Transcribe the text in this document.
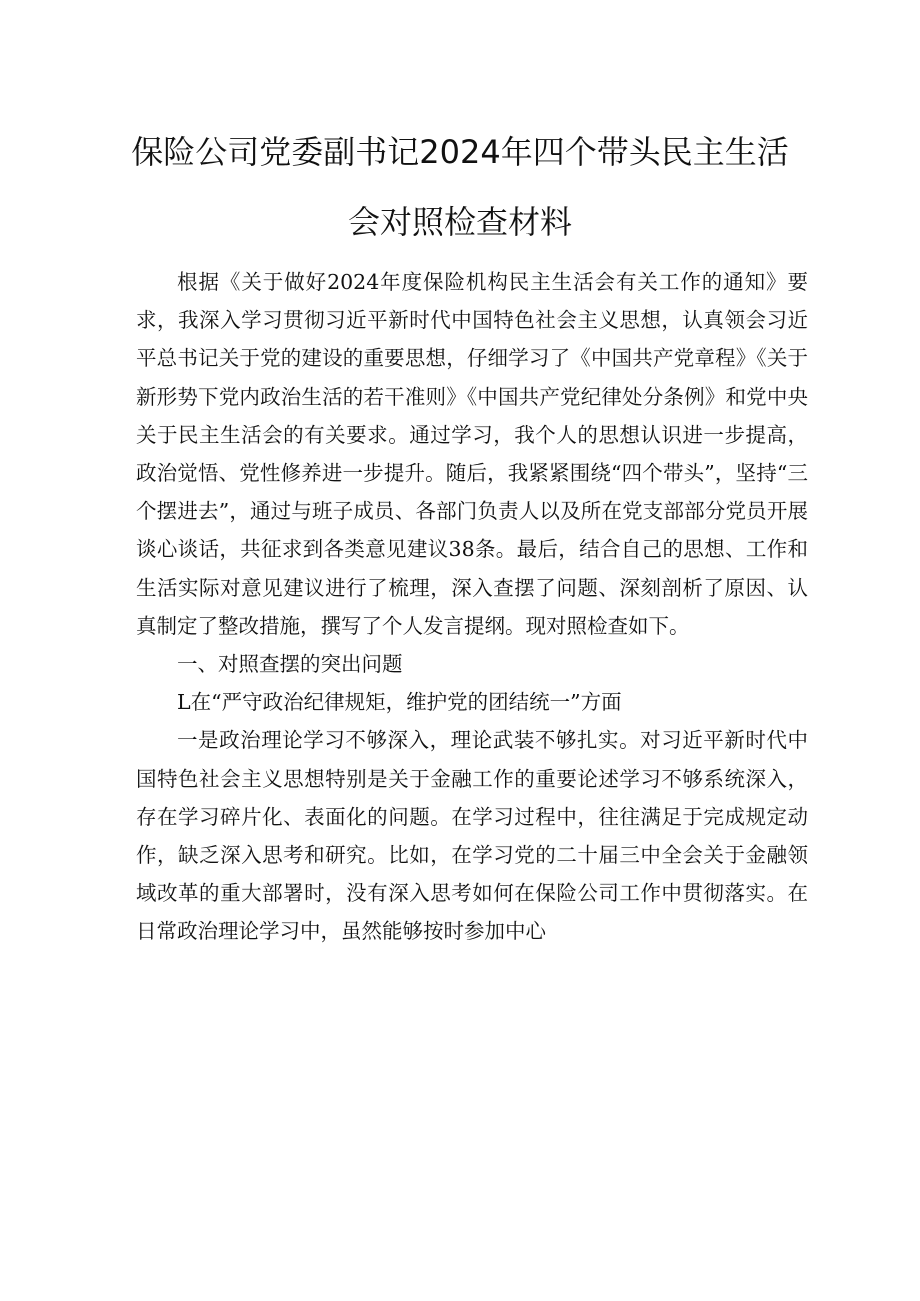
保险公司党委副书记2024年四个带头民主生活
会对照检查材料

根据《关于做好2024年度保险机构民主生活会有关工作的通知》要求，我深入学习贯彻习近平新时代中国特色社会主义思想，认真领会习近平总书记关于党的建设的重要思想，仔细学习了《中国共产党章程》《关于新形势下党内政治生活的若干准则》《中国共产党纪律处分条例》和党中央关于民主生活会的有关要求。通过学习，我个人的思想认识进一步提高，政治觉悟、党性修养进一步提升。随后，我紧紧围绕“四个带头”，坚持“三个摆进去”，通过与班子成员、各部门负责人以及所在党支部部分党员开展谈心谈话，共征求到各类意见建议38条。最后，结合自己的思想、工作和生活实际对意见建议进行了梳理，深入查摆了问题、深刻剖析了原因、认真制定了整改措施，撰写了个人发言提纲。现对照检查如下。

一、对照查摆的突出问题

L在“严守政治纪律规矩，维护党的团结统一”方面

一是政治理论学习不够深入，理论武装不够扎实。对习近平新时代中国特色社会主义思想特别是关于金融工作的重要论述学习不够系统深入，存在学习碎片化、表面化的问题。在学习过程中，往往满足于完成规定动作，缺乏深入思考和研究。比如，在学习党的二十届三中全会关于金融领域改革的重大部署时，没有深入思考如何在保险公司工作中贯彻落实。在日常政治理论学习中，虽然能够按时参加中心
